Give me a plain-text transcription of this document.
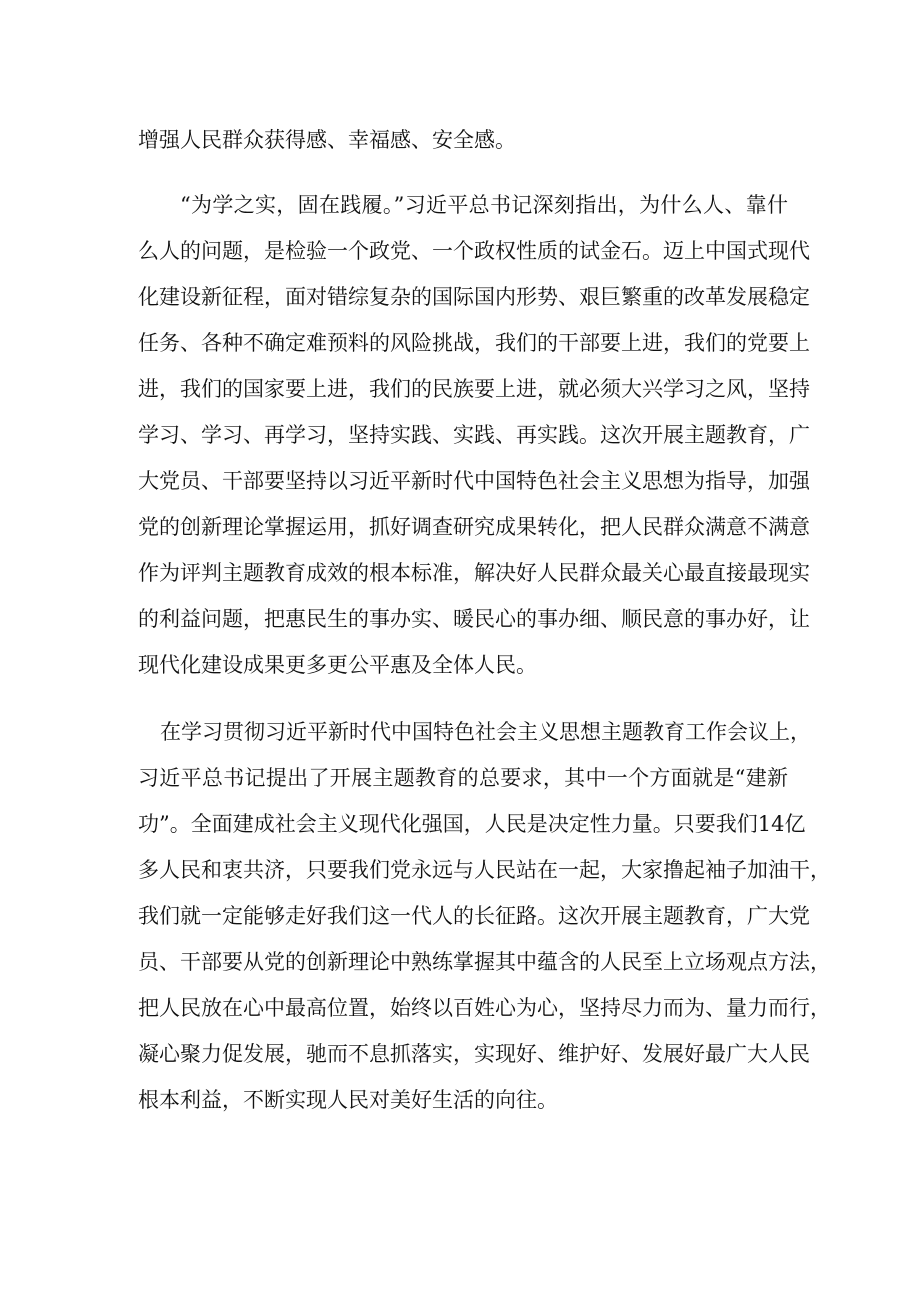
增强人民群众获得感、幸福感、安全感。
“为学之实，固在践履。”习近平总书记深刻指出，为什么人、靠什
么人的问题，是检验一个政党、一个政权性质的试金石。迈上中国式现代
化建设新征程，面对错综复杂的国际国内形势、艰巨繁重的改革发展稳定
任务、各种不确定难预料的风险挑战，我们的干部要上进，我们的党要上
进，我们的国家要上进，我们的民族要上进，就必须大兴学习之风，坚持
学习、学习、再学习，坚持实践、实践、再实践。这次开展主题教育，广
大党员、干部要坚持以习近平新时代中国特色社会主义思想为指导，加强
党的创新理论掌握运用，抓好调查研究成果转化，把人民群众满意不满意
作为评判主题教育成效的根本标准，解决好人民群众最关心最直接最现实
的利益问题，把惠民生的事办实、暖民心的事办细、顺民意的事办好，让
现代化建设成果更多更公平惠及全体人民。
在学习贯彻习近平新时代中国特色社会主义思想主题教育工作会议上，
习近平总书记提出了开展主题教育的总要求，其中一个方面就是“建新
功”。全面建成社会主义现代化强国，人民是决定性力量。只要我们14亿
多人民和衷共济，只要我们党永远与人民站在一起，大家撸起袖子加油干，
我们就一定能够走好我们这一代人的长征路。这次开展主题教育，广大党
员、干部要从党的创新理论中熟练掌握其中蕴含的人民至上立场观点方法，
把人民放在心中最高位置，始终以百姓心为心，坚持尽力而为、量力而行，
凝心聚力促发展，驰而不息抓落实，实现好、维护好、发展好最广大人民
根本利益，不断实现人民对美好生活的向往。
